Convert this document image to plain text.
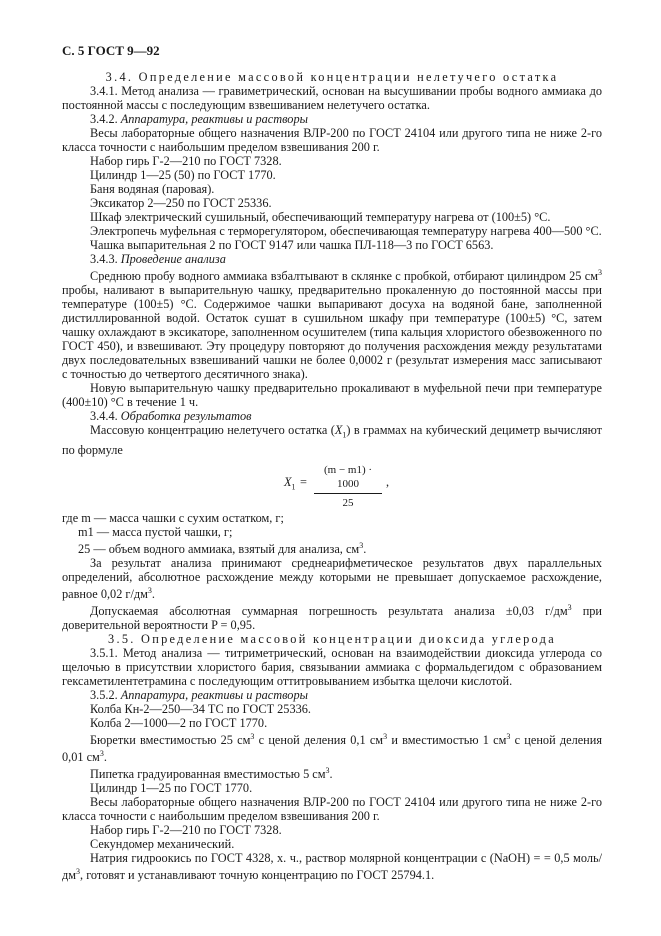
С. 5 ГОСТ 9—92

3.4. Определение массовой концентрации нелетучего остатка

3.4.1. Метод анализа — гравиметрический, основан на высушивании пробы водного аммиака до постоянной массы с последующим взвешиванием нелетучего остатка.

3.4.2. Аппаратура, реактивы и растворы

Весы лабораторные общего назначения ВЛР-200 по ГОСТ 24104 или другого типа не ниже 2-го класса точности с наибольшим пределом взвешивания 200 г.

Набор гирь Г-2—210 по ГОСТ 7328.

Цилиндр 1—25 (50) по ГОСТ 1770.

Баня водяная (паровая).

Эксикатор 2—250 по ГОСТ 25336.

Шкаф электрический сушильный, обеспечивающий температуру нагрева от (100±5) °С.

Электропечь муфельная с терморегулятором, обеспечивающая температуру нагрева 400—500 °С.

Чашка выпарительная 2 по ГОСТ 9147 или чашка ПЛ-118—3 по ГОСТ 6563.

3.4.3. Проведение анализа

Среднюю пробу водного аммиака взбалтывают в склянке с пробкой, отбирают цилиндром 25 $см^3$ пробы, наливают в выпарительную чашку, предварительно прокаленную до постоянной массы при температуре (100±5) °С. Содержимое чашки выпаривают досуха на водяной бане, заполненной дистиллированной водой. Остаток сушат в сушильном шкафу при температуре (100±5) °С, затем чашку охлаждают в эксикаторе, заполненном осушителем (типа кальция хлористого обезвоженного по ГОСТ 450), и взвешивают. Эту процедуру повторяют до получения расхождения между результатами двух последовательных взвешиваний чашки не более 0,0002 г (результат измерения масс записывают с точностью до четвертого десятичного знака).

Новую выпарительную чашку предварительно прокаливают в муфельной печи при температуре (400±10) °С в течение 1 ч.

3.4.4. Обработка результатов

Массовую концентрацию нелетучего остатка $(X_1)$ в граммах на кубический дециметр вычисляют по формуле

$X_1 = \frac{(m - m1) \cdot 1000}{25}$ ,

где m — масса чашки с сухим остатком, г;

m1 — масса пустой чашки, г;

25 — объем водного аммиака, взятый для анализа, $см^3$.

За результат анализа принимают среднеарифметическое результатов двух параллельных определений, абсолютное расхождение между которыми не превышает допускаемое расхождение, равное 0,02 $г/дм^3$.

Допускаемая абсолютная суммарная погрешность результата анализа ±0,03 $г/дм^3$ при доверительной вероятности P = 0,95.

3.5. Определение массовой концентрации диоксида углерода

3.5.1. Метод анализа — титриметрический, основан на взаимодействии диоксида углерода со щелочью в присутствии хлористого бария, связывании аммиака с формальдегидом с образованием гексаметилентетрамина с последующим оттитровыванием избытка щелочи кислотой.

3.5.2. Аппаратура, реактивы и растворы

Колба Кн-2—250—34 ТС по ГОСТ 25336.

Колба 2—1000—2 по ГОСТ 1770.

Бюретки вместимостью 25 $см^3$ с ценой деления 0,1 $см^3$ и вместимостью 1 $см^3$ с ценой деления 0,01 $см^3$.

Пипетка градуированная вместимостью 5 $см^3$.

Цилиндр 1—25 по ГОСТ 1770.

Весы лабораторные общего назначения ВЛР-200 по ГОСТ 24104 или другого типа не ниже 2-го класса точности с наибольшим пределом взвешивания 200 г.

Набор гирь Г-2—210 по ГОСТ 7328.

Секундомер механический.

Натрия гидроокись по ГОСТ 4328, х. ч., раствор молярной концентрации c (NaOH) = = 0,5 моль/$дм^3$, готовят и устанавливают точную концентрацию по ГОСТ 25794.1.
